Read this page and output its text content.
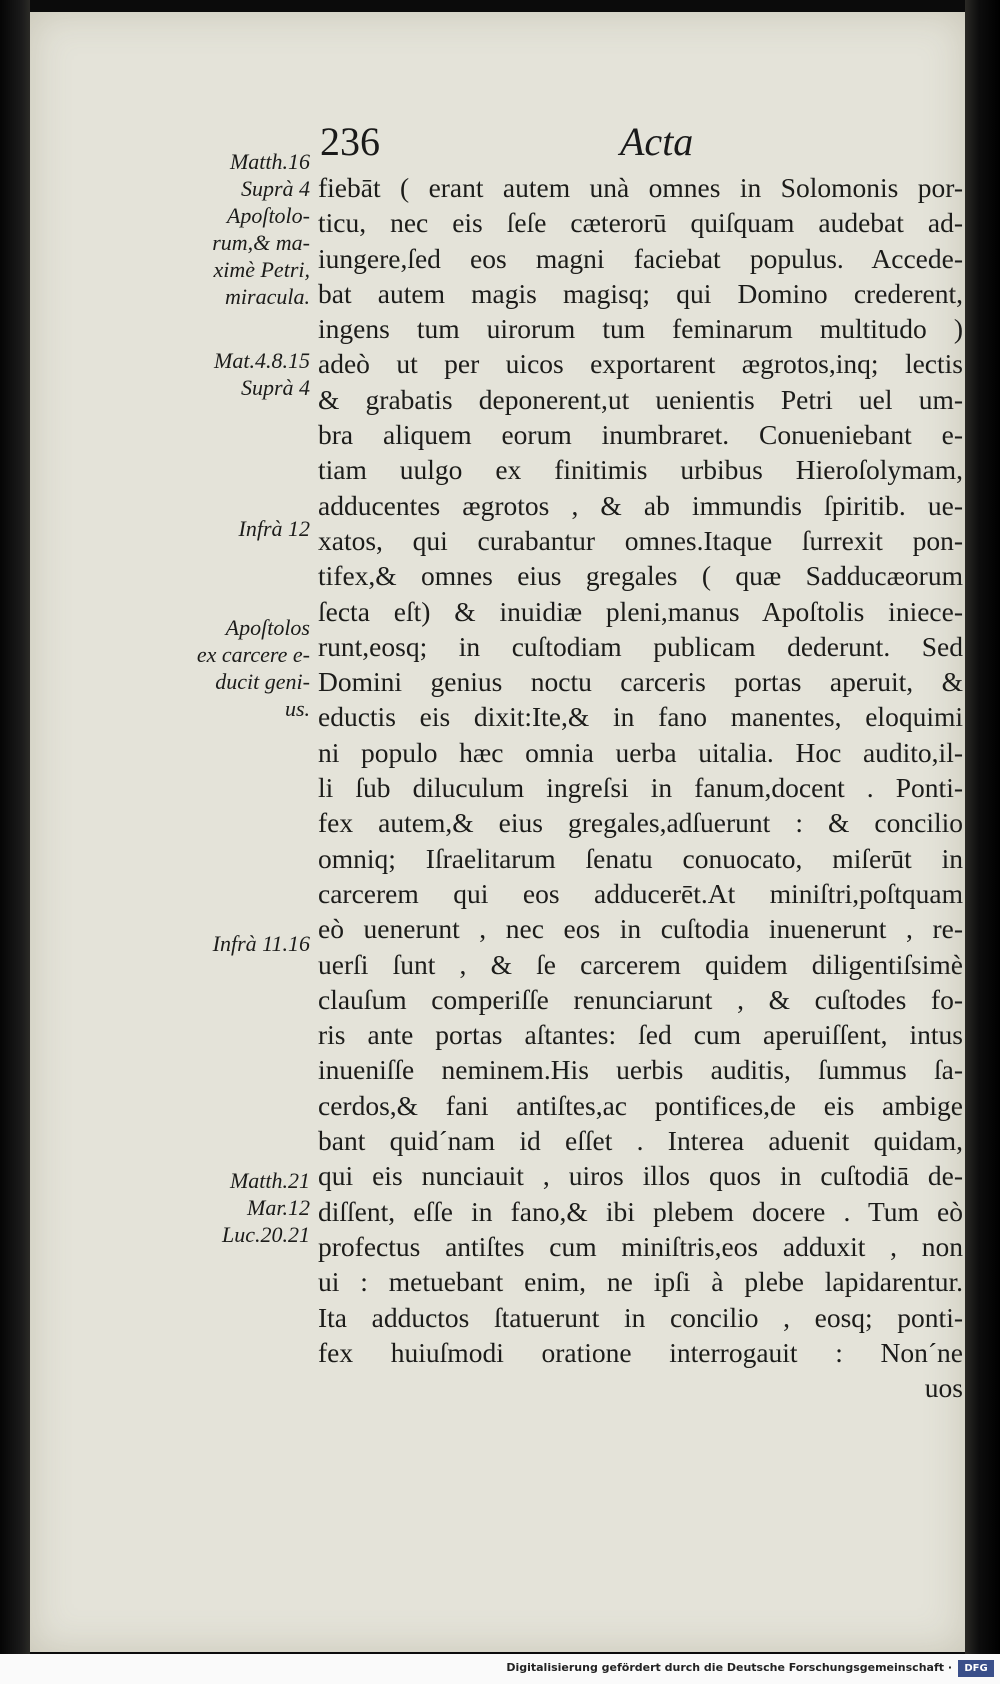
236	Acta
fiebāt ( erant autem unà omnes in Solomonis por-
ticu, nec eis ſeſe cæterorū quiſquam audebat ad-
iungere,ſed eos magni faciebat populus. Accede-
bat autem magis magisq; qui Domino crederent,
ingens tum uirorum tum feminarum multitudo )
adeò ut per uicos exportarent ægrotos,inq; lectis
& grabatis deponerent,ut uenientis Petri uel um-
bra aliquem eorum inumbraret. Conueniebant e-
tiam uulgo ex finitimis urbibus Hieroſolymam,
adducentes ægrotos , & ab immundis ſpiritib. ue-
xatos, qui curabantur omnes.Itaque ſurrexit pon-
tifex,& omnes eius gregales ( quæ Sadducæorum
ſecta eſt) & inuidiæ pleni,manus Apoſtolis iniece-
runt,eosq; in cuſtodiam publicam dederunt. Sed
Domini genius noctu carceris portas aperuit, &
eductis eis dixit:Ite,& in fano manentes, eloquimi
ni populo hæc omnia uerba uitalia. Hoc audito,il-
li ſub diluculum ingreſsi in fanum,docent . Ponti-
fex autem,& eius gregales,adſuerunt : & concilio
omniq; Iſraelitarum ſenatu conuocato, miſerūt in
carcerem qui eos adducerēt.At miniſtri,poſtquam
eò uenerunt , nec eos in cuſtodia inuenerunt , re-
uerſi ſunt , & ſe carcerem quidem diligentiſsimè
clauſum comperiſſe renunciarunt , & cuſtodes fo-
ris ante portas aſtantes: ſed cum aperuiſſent, intus
inueniſſe neminem.His uerbis auditis, ſummus ſa-
cerdos,& fani antiſtes,ac pontifices,de eis ambige
bant quid´nam id eſſet . Interea aduenit quidam,
qui eis nunciauit , uiros illos quos in cuſtodiā de-
diſſent, eſſe in fano,& ibi plebem docere . Tum eò
profectus antiſtes cum miniſtris,eos adduxit , non
ui : metuebant enim, ne ipſi à plebe lapidarentur.
Ita adductos ſtatuerunt in concilio , eosq; ponti-
fex huiuſmodi oratione interrogauit : Non´ne
uos
Matth.16
Suprà 4
Apoſtolo-
rum,& ma-
ximè Petri,
miracula.
Mat.4.8.15
Suprà 4
Infrà 12
Apoſtolos
ex carcere e-
ducit geni-
us.
Infrà 11.16
Matth.21
Mar.12
Luc.20.21
Digitalisierung gefördert durch die Deutsche Forschungsgemeinschaft ·	DFG
